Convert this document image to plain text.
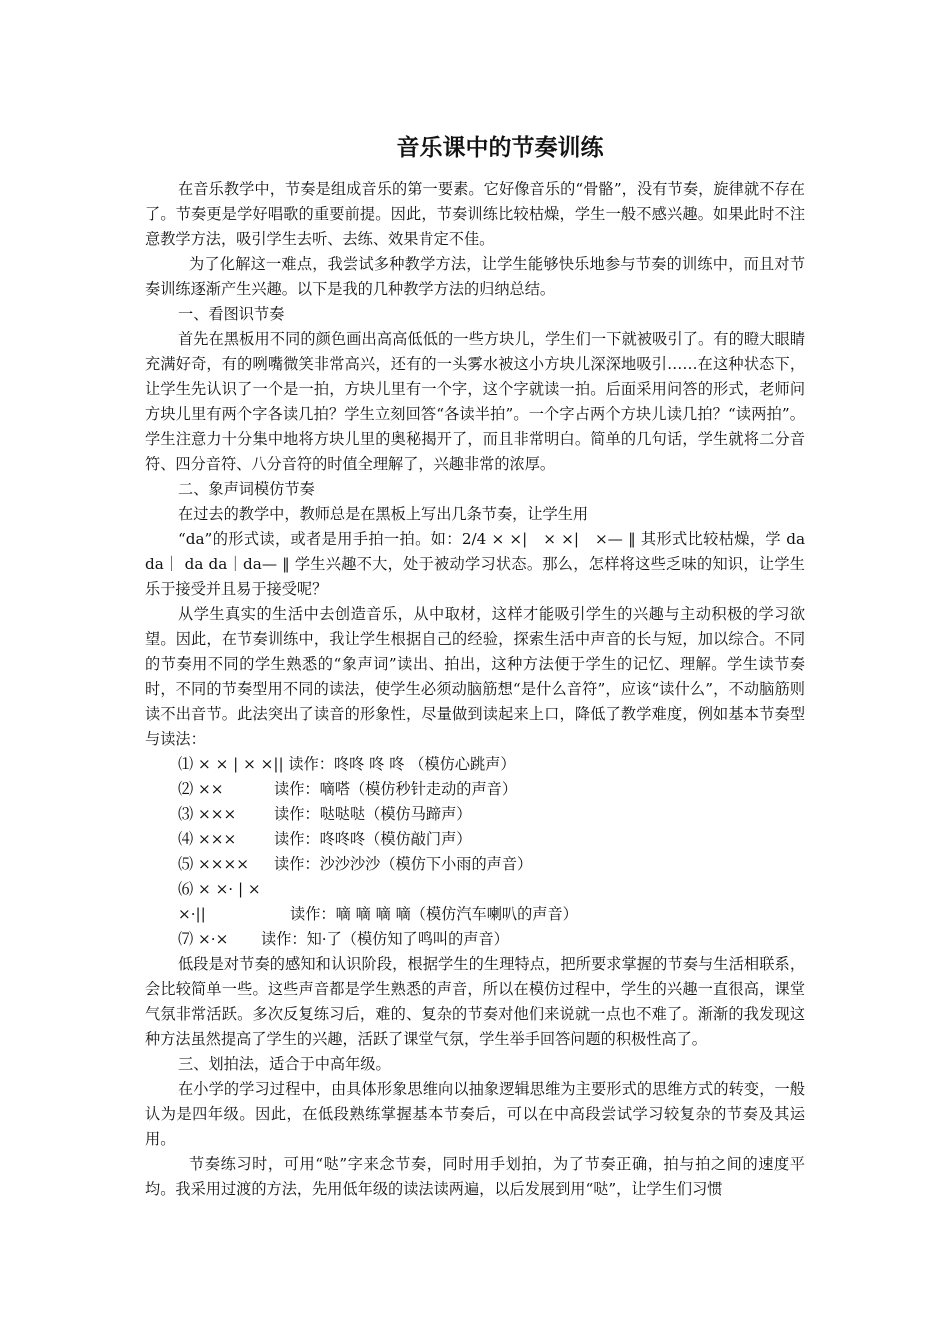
音乐课中的节奏训练

在音乐教学中，节奏是组成音乐的第一要素。它好像音乐的“骨骼”，没有节奏，旋律就不存在了。节奏更是学好唱歌的重要前提。因此，节奏训练比较枯燥，学生一般不感兴趣。如果此时不注意教学方法，吸引学生去听、去练、效果肯定不佳。

为了化解这一难点，我尝试多种教学方法，让学生能够快乐地参与节奏的训练中，而且对节奏训练逐渐产生兴趣。以下是我的几种教学方法的归纳总结。

一、看图识节奏

首先在黑板用不同的颜色画出高高低低的一些方块儿，学生们一下就被吸引了。有的瞪大眼睛充满好奇，有的咧嘴微笑非常高兴，还有的一头雾水被这小方块儿深深地吸引……在这种状态下，让学生先认识了一个是一拍，方块儿里有一个字，这个字就读一拍。后面采用问答的形式，老师问方块儿里有两个字各读几拍？学生立刻回答“各读半拍”。一个字占两个方块儿读几拍？“读两拍”。学生注意力十分集中地将方块儿里的奥秘揭开了，而且非常明白。简单的几句话，学生就将二分音符、四分音符、八分音符的时值全理解了，兴趣非常的浓厚。

二、象声词模仿节奏

在过去的教学中，教师总是在黑板上写出几条节奏，让学生用

“da”的形式读，或者是用手拍一拍。如：2/4 × ×|　× ×|　×— ‖ 其形式比较枯燥，学 da da｜ da da｜da— ‖ 学生兴趣不大，处于被动学习状态。那么，怎样将这些乏味的知识，让学生乐于接受并且易于接受呢？

从学生真实的生活中去创造音乐，从中取材，这样才能吸引学生的兴趣与主动积极的学习欲望。因此，在节奏训练中，我让学生根据自己的经验，探索生活中声音的长与短，加以综合。不同的节奏用不同的学生熟悉的“象声词”读出、拍出，这种方法便于学生的记忆、理解。学生读节奏时，不同的节奏型用不同的读法，使学生必须动脑筋想“是什么音符”，应该“读什么”，不动脑筋则读不出音节。此法突出了读音的形象性，尽量做到读起来上口，降低了教学难度，例如基本节奏型与读法：

⑴ × × | × ×|| 读作：咚咚 咚 咚 （模仿心跳声）

⑵ ××	读作：嘀嗒（模仿秒针走动的声音）

⑶ ××× 读作：哒哒哒（模仿马蹄声）

⑷ ××× 读作：咚咚咚（模仿敲门声）

⑸ ×××× 读作：沙沙沙沙（模仿下小雨的声音）

⑹ × ×· | × ×·||	读作：嘀 嘀 嘀 嘀（模仿汽车喇叭的声音）

⑺ ×·× 读作：知·了（模仿知了鸣叫的声音）

低段是对节奏的感知和认识阶段，根据学生的生理特点，把所要求掌握的节奏与生活相联系，会比较简单一些。这些声音都是学生熟悉的声音，所以在模仿过程中，学生的兴趣一直很高，课堂气氛非常活跃。多次反复练习后，难的、复杂的节奏对他们来说就一点也不难了。渐渐的我发现这种方法虽然提高了学生的兴趣，活跃了课堂气氛，学生举手回答问题的积极性高了。

三、划拍法，适合于中高年级。

在小学的学习过程中，由具体形象思维向以抽象逻辑思维为主要形式的思维方式的转变，一般认为是四年级。因此，在低段熟练掌握基本节奏后，可以在中高段尝试学习较复杂的节奏及其运用。

节奏练习时，可用“哒”字来念节奏，同时用手划拍，为了节奏正确，拍与拍之间的速度平均。我采用过渡的方法，先用低年级的读法读两遍，以后发展到用“哒”，让学生们习惯
